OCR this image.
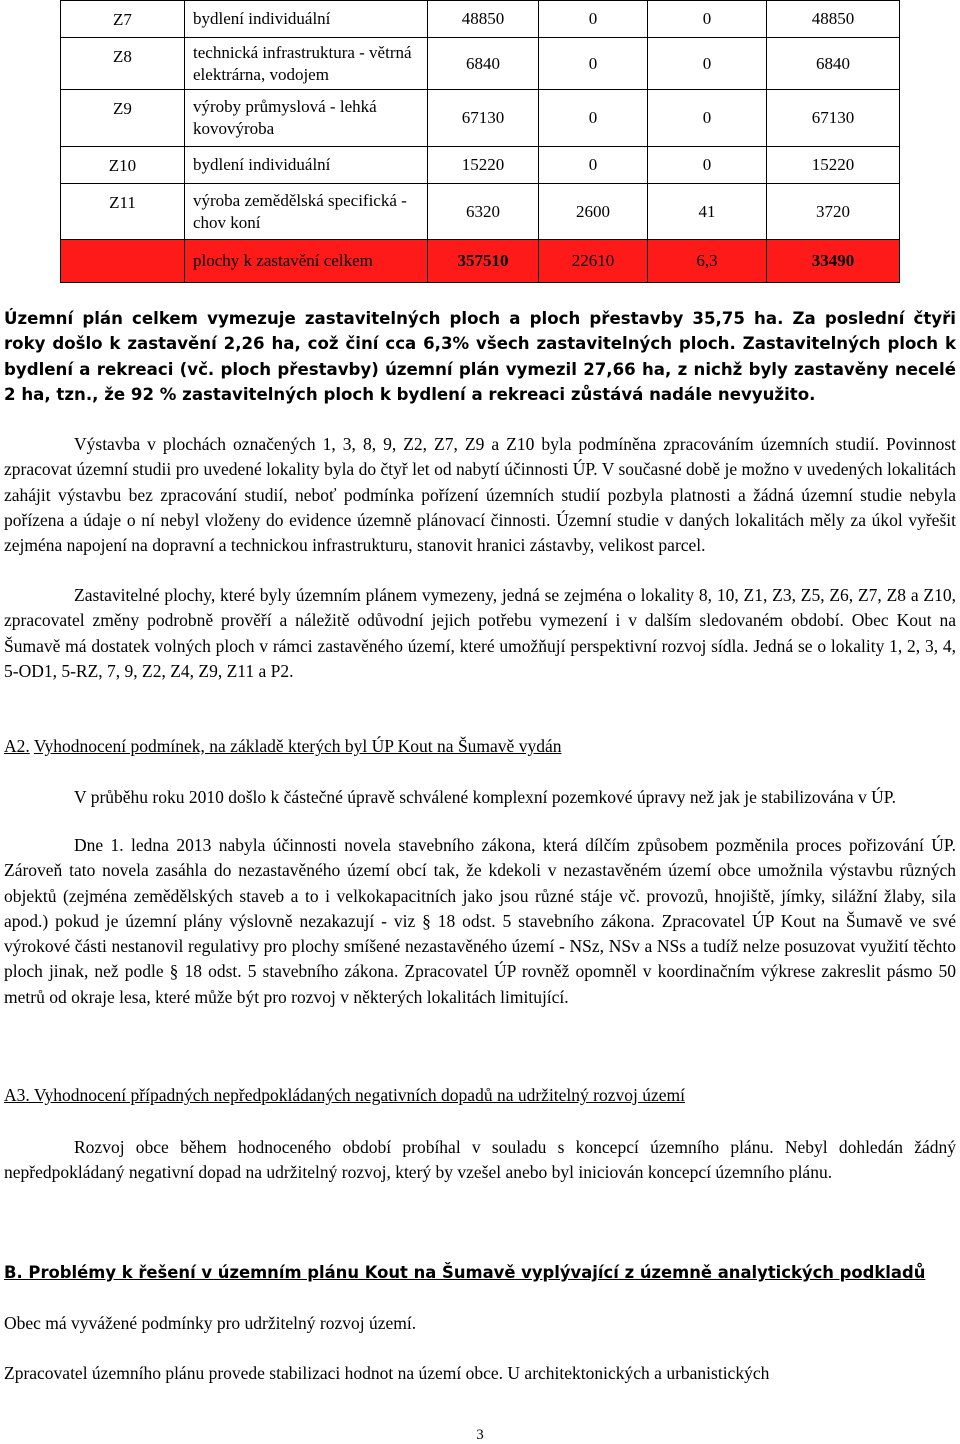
Z7	bydlení individuální	48850	0	0	48850
Z8	technická infrastruktura - větrná elektrárna, vodojem	6840	0	0	6840
Z9	výroby průmyslová - lehká kovovýroba	67130	0	0	67130
Z10	bydlení individuální	15220	0	0	15220
Z11	výroba zemědělská specifická - chov koní	6320	2600	41	3720
	plochy k zastavění celkem	357510	22610	6,3	33490

Územní plán celkem vymezuje zastavitelných ploch a ploch přestavby 35,75 ha. Za poslední čtyři roky došlo k zastavění 2,26 ha, což činí cca 6,3% všech zastavitelných ploch. Zastavitelných ploch k bydlení a rekreaci (vč. ploch přestavby) územní plán vymezil 27,66 ha, z nichž byly zastavěny necelé 2 ha, tzn., že 92 % zastavitelných ploch k bydlení a rekreaci zůstává nadále nevyužito.

Výstavba v plochách označených 1, 3, 8, 9, Z2, Z7, Z9 a Z10 byla podmíněna zpracováním územních studií. Povinnost zpracovat územní studii pro uvedené lokality byla do čtyř let od nabytí účinnosti ÚP. V současné době je možno v uvedených lokalitách zahájit výstavbu bez zpracování studií, neboť podmínka pořízení územních studií pozbyla platnosti a žádná územní studie nebyla pořízena a údaje o ní nebyl vloženy do evidence územně plánovací činnosti. Územní studie v daných lokalitách měly za úkol vyřešit zejména napojení na dopravní a technickou infrastrukturu, stanovit hranici zástavby, velikost parcel.

Zastavitelné plochy, které byly územním plánem vymezeny, jedná se zejména o lokality 8, 10, Z1, Z3, Z5, Z6, Z7, Z8 a Z10, zpracovatel změny podrobně prověří a náležitě odůvodní jejich potřebu vymezení i v dalším sledovaném období. Obec Kout na Šumavě má dostatek volných ploch v rámci zastavěného území, které umožňují perspektivní rozvoj sídla. Jedná se o lokality 1, 2, 3, 4, 5-OD1, 5-RZ, 7, 9, Z2, Z4, Z9, Z11 a P2.

A2. Vyhodnocení podmínek, na základě kterých byl ÚP Kout na Šumavě vydán

V průběhu roku 2010 došlo k částečné úpravě schválené komplexní pozemkové úpravy než jak je stabilizována v ÚP.

Dne 1. ledna 2013 nabyla účinnosti novela stavebního zákona, která dílčím způsobem pozměnila proces pořizování ÚP. Zároveň tato novela zasáhla do nezastavěného území obcí tak, že kdekoli v nezastavěném území obce umožnila výstavbu různých objektů (zejména zemědělských staveb a to i velkokapacitních jako jsou různé stáje vč. provozů, hnojiště, jímky, silážní žlaby, sila apod.) pokud je územní plány výslovně nezakazují - viz § 18 odst. 5 stavebního zákona. Zpracovatel ÚP Kout na Šumavě ve své výrokové části nestanovil regulativy pro plochy smíšené nezastavěného území - NSz, NSv a NSs a tudíž nelze posuzovat využití těchto ploch jinak, než podle § 18 odst. 5 stavebního zákona. Zpracovatel ÚP rovněž opomněl v koordinačním výkrese zakreslit pásmo 50 metrů od okraje lesa, které může být pro rozvoj v některých lokalitách limitující.

A3. Vyhodnocení případných nepředpokládaných negativních dopadů na udržitelný rozvoj území

Rozvoj obce během hodnoceného období probíhal v souladu s koncepcí územního plánu. Nebyl dohledán žádný nepředpokládaný negativní dopad na udržitelný rozvoj, který by vzešel anebo byl iniciován koncepcí územního plánu.

B. Problémy k řešení v územním plánu Kout na Šumavě vyplývající z územně analytických podkladů

Obec má vyvážené podmínky pro udržitelný rozvoj území.

Zpracovatel územního plánu provede stabilizaci hodnot na území obce. U architektonických a urbanistických

3
